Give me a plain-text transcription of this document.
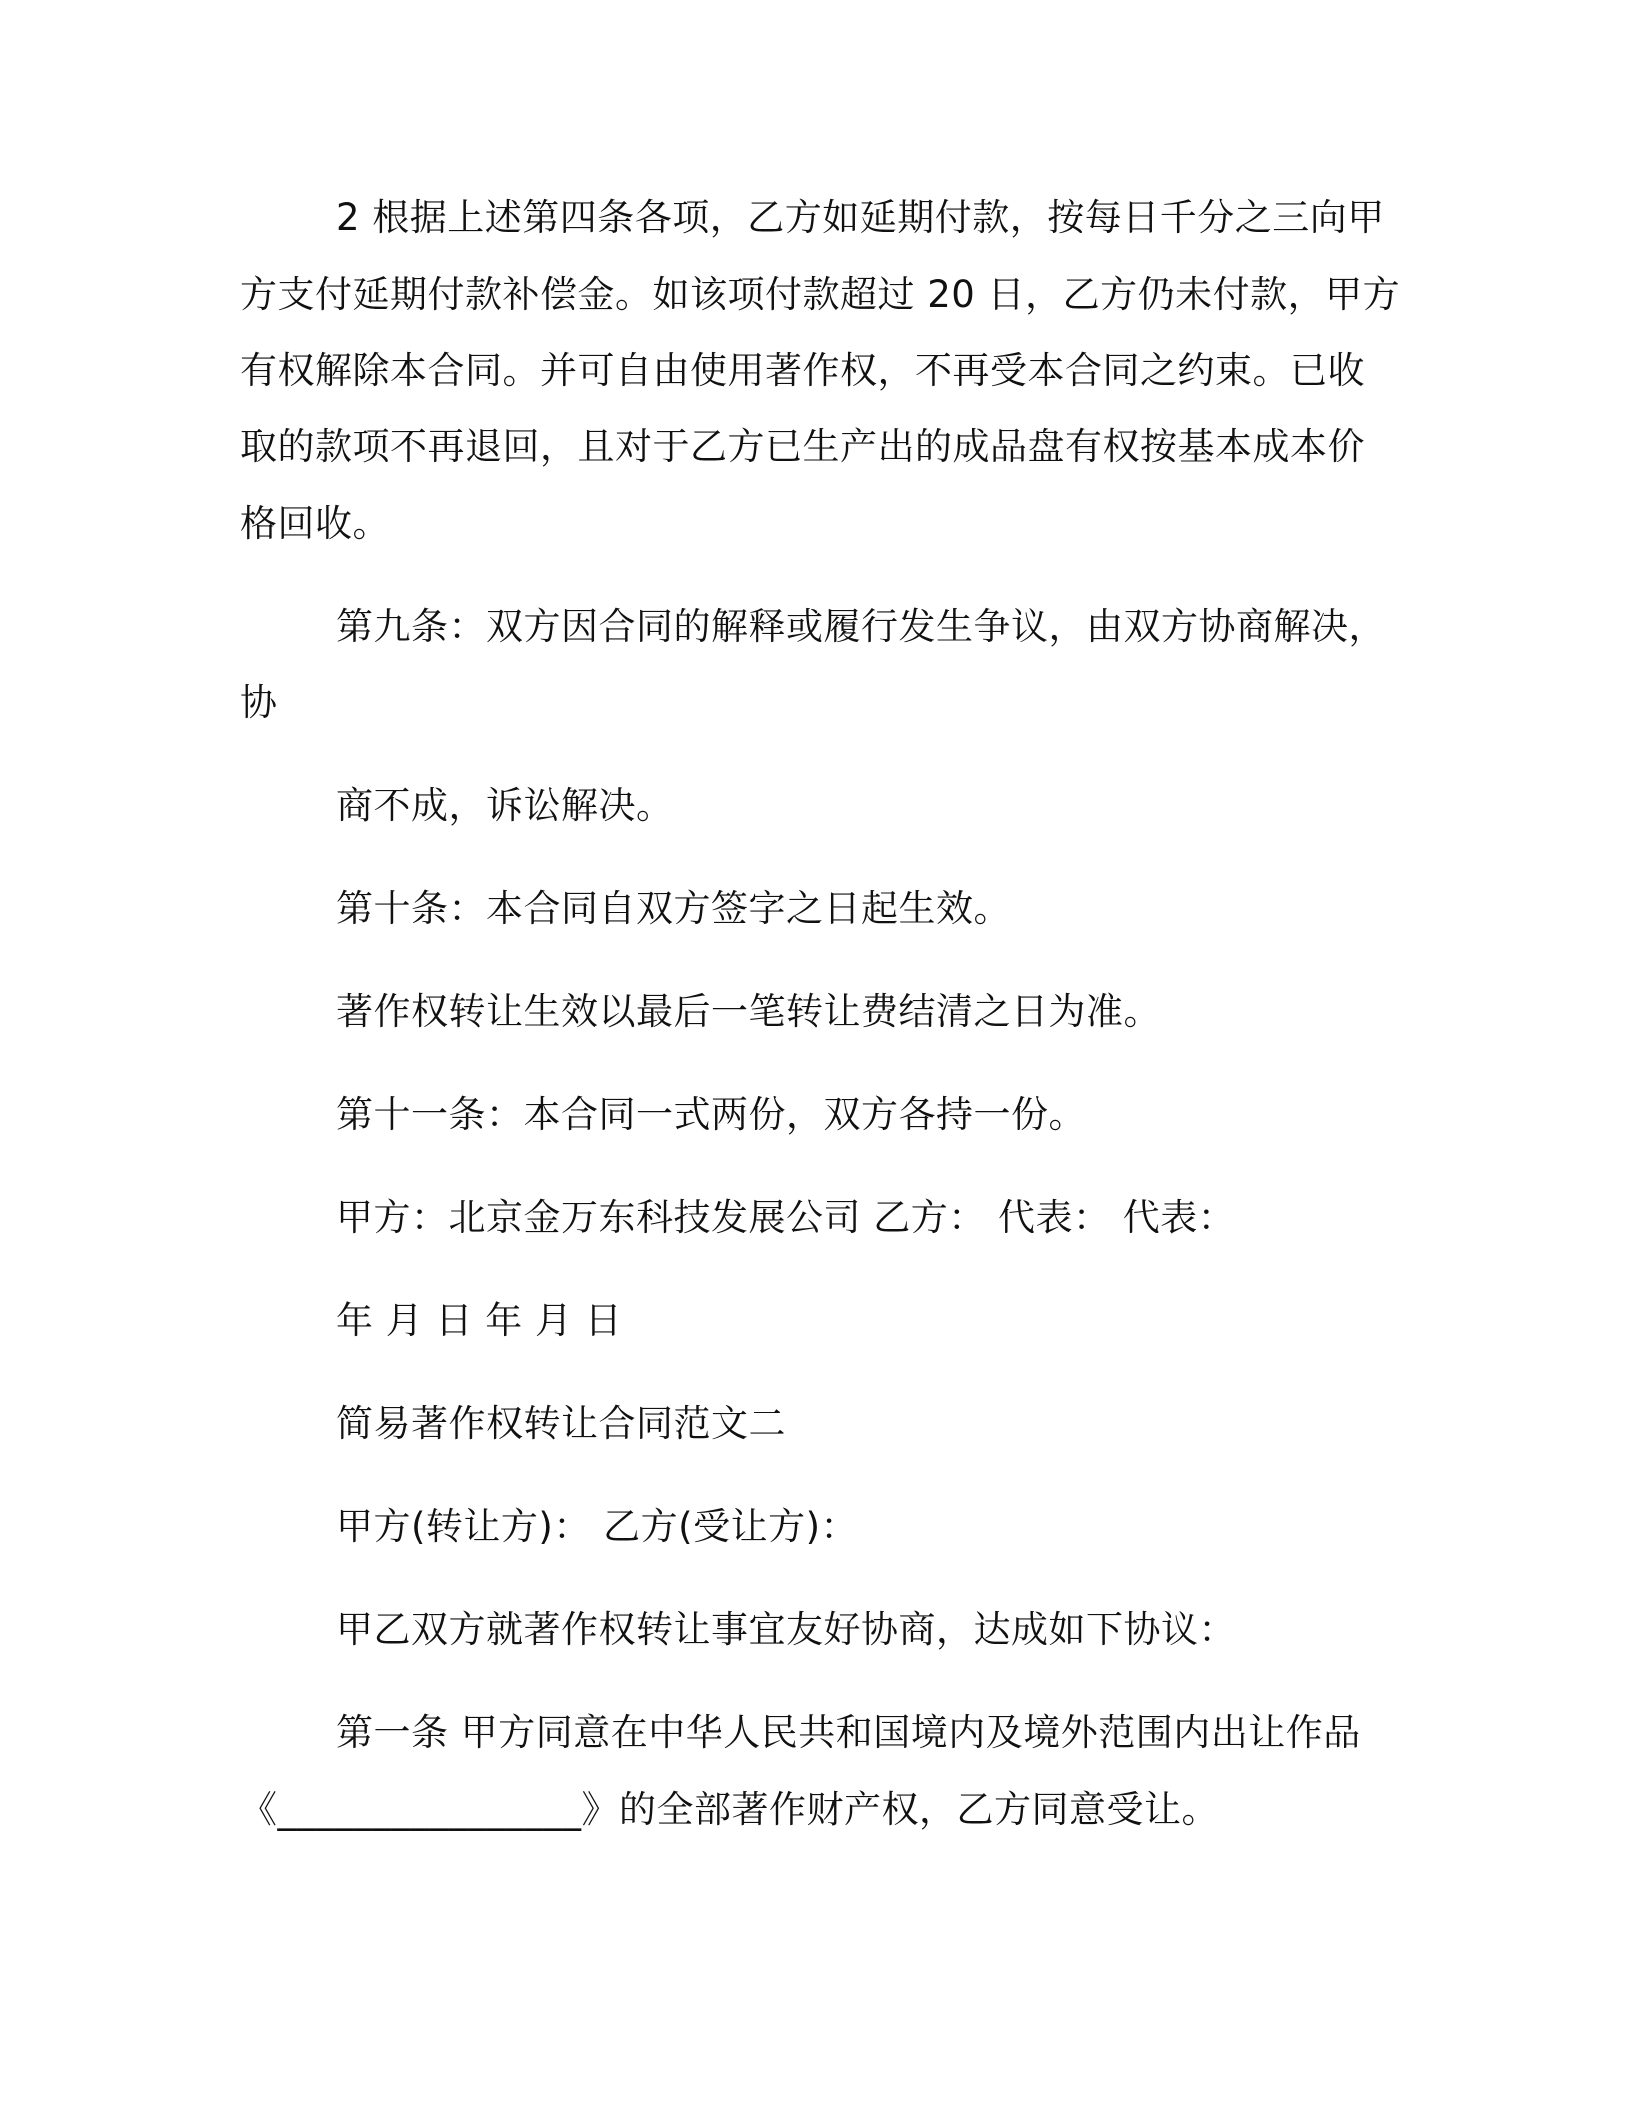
2 根据上述第四条各项，乙方如延期付款，按每日千分之三向甲
方支付延期付款补偿金。如该项付款超过 20 日，乙方仍未付款，甲方
有权解除本合同。并可自由使用著作权，不再受本合同之约束。已收
取的款项不再退回，且对于乙方已生产出的成品盘有权按基本成本价
格回收。
第九条：双方因合同的解释或履行发生争议，由双方协商解决，
协
商不成，诉讼解决。
第十条：本合同自双方签字之日起生效。
著作权转让生效以最后一笔转让费结清之日为准。
第十一条：本合同一式两份，双方各持一份。
甲方：北京金万东科技发展公司 乙方： 代表： 代表：
年 月 日 年 月 日
简易著作权转让合同范文二
甲方(转让方)： 乙方(受让方)：
甲乙双方就著作权转让事宜友好协商，达成如下协议：
第一条 甲方同意在中华人民共和国境内及境外范围内出让作品
《________________》的全部著作财产权，乙方同意受让。
